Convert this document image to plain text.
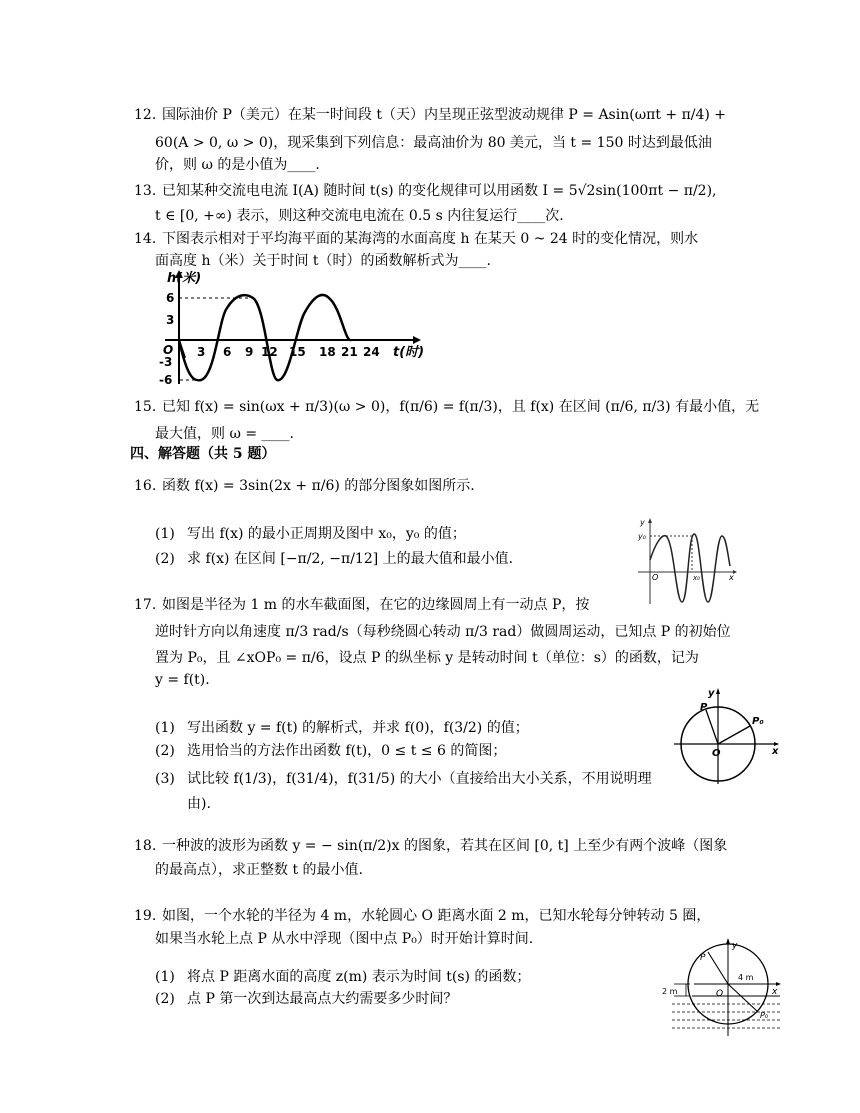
12. 国际油价 P（美元）在某一时间段 t（天）内呈现正弦型波动规律 P = Asin(ωπt + π/4) +
60(A > 0, ω > 0)，现采集到下列信息：最高油价为 80 美元，当 t = 150 时达到最低油
价，则 ω 的是小值为____.
13. 已知某种交流电电流 I(A) 随时间 t(s) 的变化规律可以用函数 I = 5√2sin(100πt − π/2),
t ∈ [0, +∞) 表示，则这种交流电电流在 0.5 s 内往复运行____次.
14. 下图表示相对于平均海平面的某海湾的水面高度 h 在某天 0 ~ 24 时的变化情况，则水
面高度 h（米）关于时间 t（时）的函数解析式为____.
h(米)
t(时)
O
6
3
-3
-6
3 6 9 12 15 18 21 24
15. 已知 f(x) = sin(ωx + π/3)(ω > 0)，f(π/6) = f(π/3)，且 f(x) 在区间 (π/6, π/3) 有最小值，无
最大值，则 ω = ____.
四、解答题（共 5 题）
16. 函数 f(x) = 3sin(2x + π/6) 的部分图象如图所示.
(1) 写出 f(x) 的最小正周期及图中 x₀，y₀ 的值；
(2) 求 f(x) 在区间 [−π/2, −π/12] 上的最大值和最小值.
y
y₀
O	x₀	x
17. 如图是半径为 1 m 的水车截面图，在它的边缘圆周上有一动点 P，按
逆时针方向以角速度 π/3 rad/s（每秒绕圆心转动 π/3 rad）做圆周运动，已知点 P 的初始位
置为 P₀，且 ∠xOP₀ = π/6，设点 P 的纵坐标 y 是转动时间 t（单位：s）的函数，记为
y = f(t).
(1) 写出函数 y = f(t) 的解析式，并求 f(0)，f(3/2) 的值；
(2) 选用恰当的方法作出函数 f(t)，0 ≤ t ≤ 6 的简图；
(3) 试比较 f(1/3)，f(31/4)，f(31/5) 的大小（直接给出大小关系，不用说明理
由).
y
P
P₀
O	x
18. 一种波的波形为函数 y = − sin(π/2)x 的图象，若其在区间 [0, t] 上至少有两个波峰（图象
的最高点），求正整数 t 的最小值.
19. 如图，一个水轮的半径为 4 m，水轮圆心 O 距离水面 2 m，已知水轮每分钟转动 5 圈，
如果当水轮上点 P 从水中浮现（图中点 P₀）时开始计算时间.
(1) 将点 P 距离水面的高度 z(m) 表示为时间 t(s) 的函数；
(2) 点 P 第一次到达最高点大约需要多少时间？
y
P
4 m
2 m	O	x
P₀
